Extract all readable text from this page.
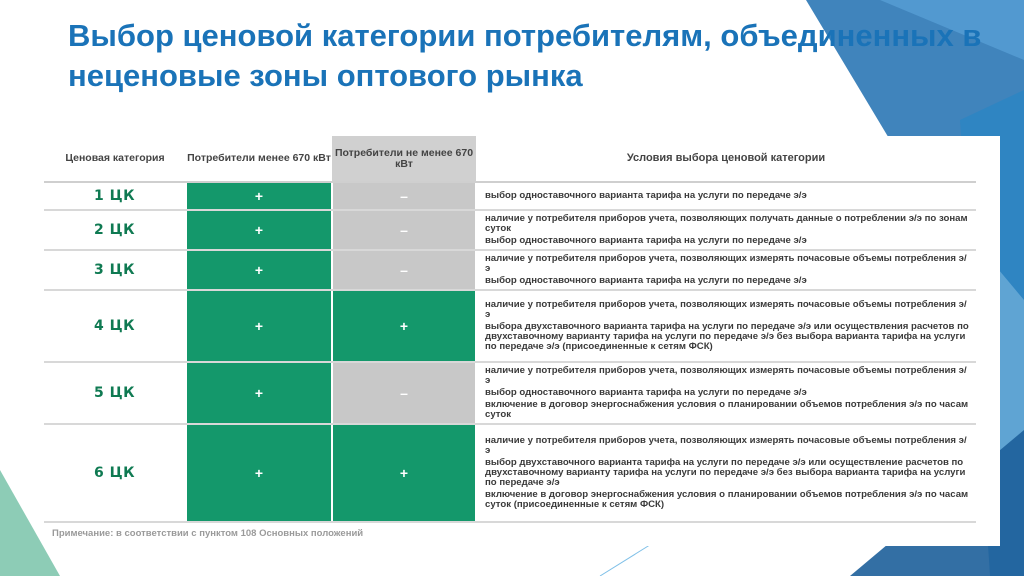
Выбор ценовой категории потребителям, объединенных в неценовые зоны оптового рынка
Ценовая категория	Потребители менее 670 кВт	Потребители не менее 670 кВт	Условия выбора ценовой категории
1 ЦК	+	–	выбор одноставочного варианта тарифа на услуги по передаче э/э

2 ЦК	+	–	наличие у потребителя приборов учета, позволяющих получать данные о потреблении э/э по зонам суток
выбор одноставочного варианта тарифа на услуги по передаче э/э

3 ЦК	+	–	наличие у потребителя приборов учета, позволяющих измерять почасовые объемы потребления э/э
выбор одноставочного варианта тарифа на услуги по передаче э/э

4 ЦК	+	+	наличие у потребителя приборов учета, позволяющих измерять почасовые объемы потребления э/э
выбора двухставочного варианта тарифа на услуги по передаче э/э или осуществления расчетов по двухставочному варианту тарифа на услуги по передаче э/э без выбора варианта тарифа на услуги по передаче э/э (присоединенные к сетям ФСК)

5 ЦК	+	–	наличие у потребителя приборов учета, позволяющих измерять почасовые объемы потребления э/э
выбор одноставочного варианта тарифа на услуги по передаче э/э
включение в договор энергоснабжения условия о планировании объемов потребления э/э по часам суток

6 ЦК	+	+	наличие у потребителя приборов учета, позволяющих измерять почасовые объемы потребления э/э
выбор двухставочного варианта тарифа на услуги по передаче э/э или осуществление расчетов по двухставочному варианту тарифа на услуги по передаче э/э без выбора варианта тарифа на услуги по передаче э/э
включение в договор энергоснабжения условия о планировании объемов потребления э/э по часам суток (присоединенные к сетям ФСК)
Примечание: в соответствии с пунктом 108 Основных положений
